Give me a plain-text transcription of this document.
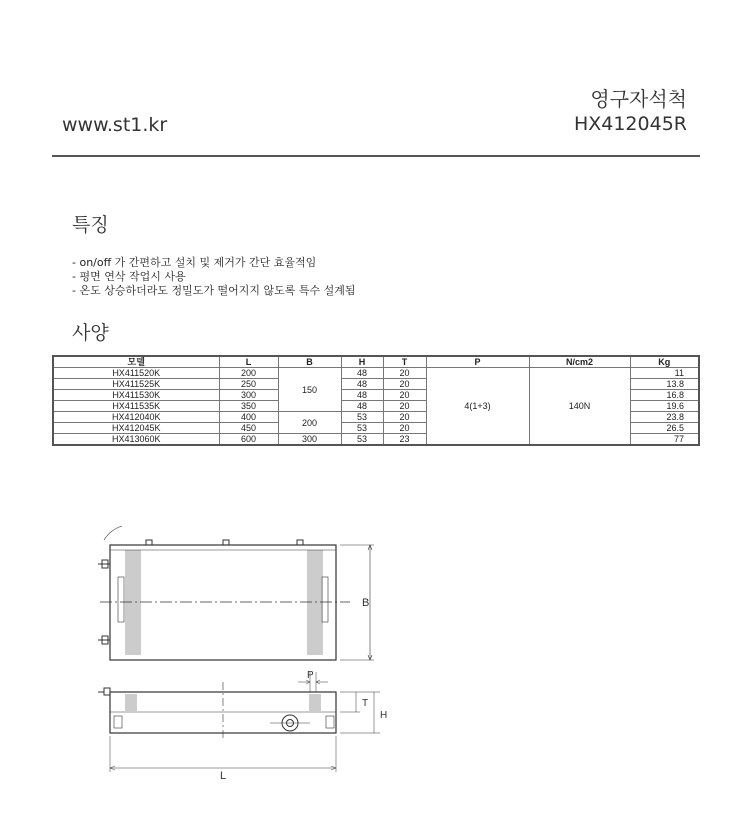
www.st1.kr
영구자석척
HX412045R
특징
- on/off 가 간편하고 설치 및 제거가 간단 효율적임
- 평면 연삭 작업시 사용
- 온도 상승하더라도 정밀도가 떨어지지 않도록 특수 설계됨
사양
모델	L	B	H	T	P	N/cm2	Kg
HX411520K	200	150	48	20	4(1+3)	140N	11
HX411525K	250		48	20			13.8
HX411530K	300		48	20			16.8
HX411535K	350		48	20			19.6
HX412040K	400	200	53	20			23.8
HX412045K	450		53	20			26.5
HX413060K	600	300	53	23			77
B
P
T
H
L
